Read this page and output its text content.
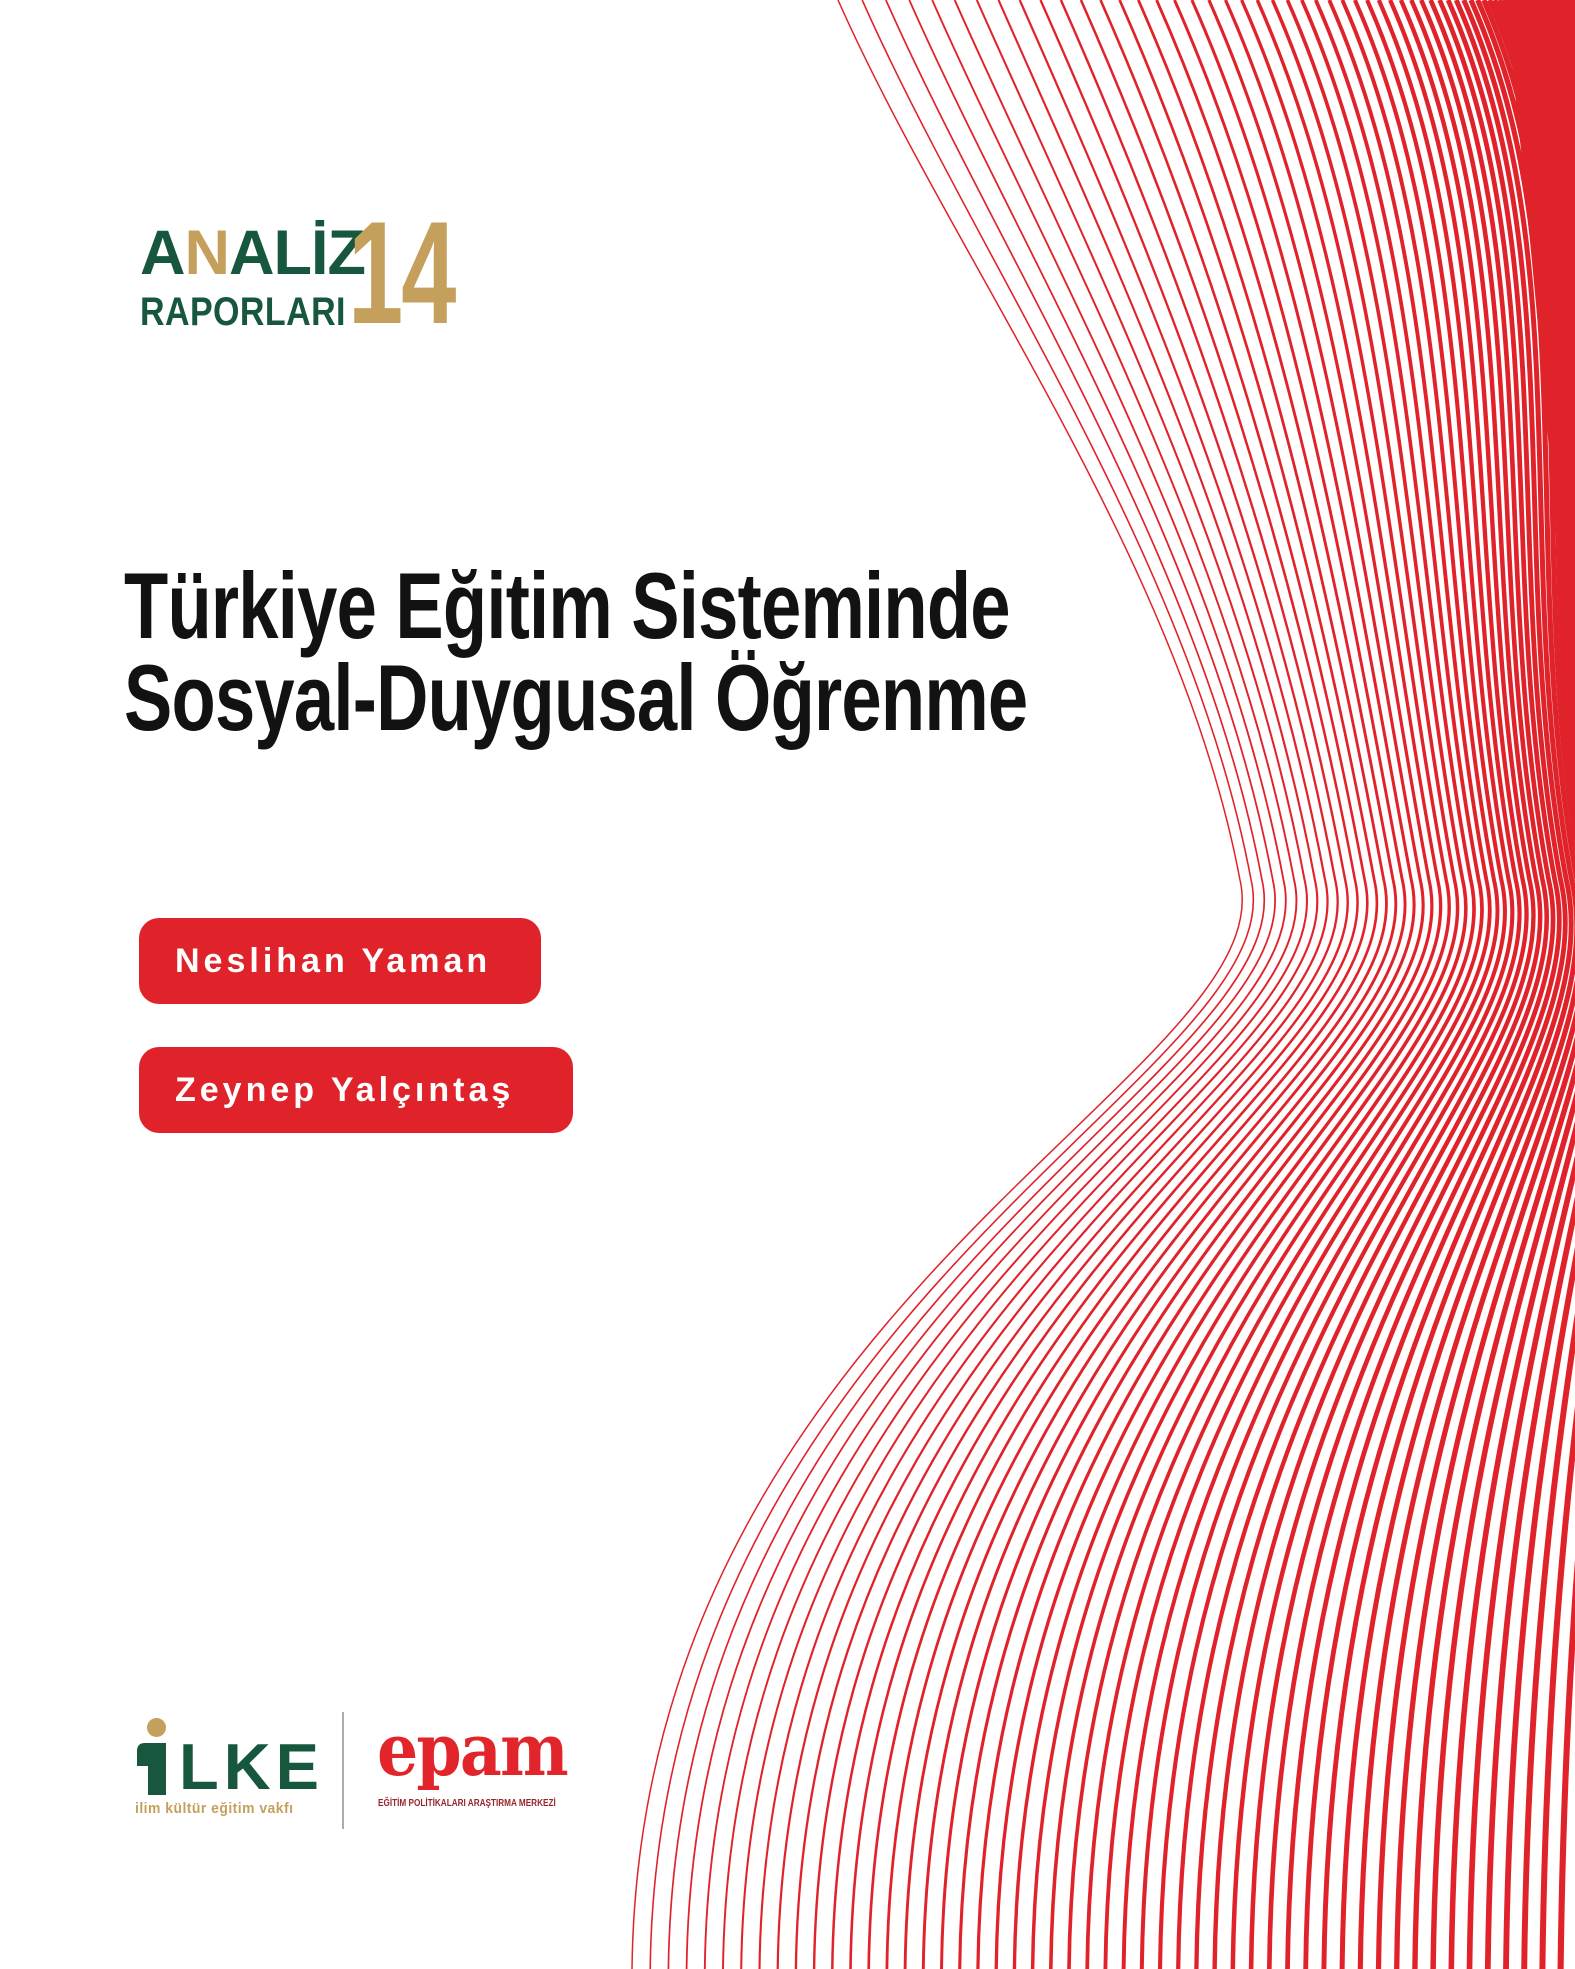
ANALİZ
RAPORLARI 14
Türkiye Eğitim Sisteminde
Sosyal-Duygusal Öğrenme
Neslihan Yaman
Zeynep Yalçıntaş
LKE
ilim kültür eğitim vakfı
epam
EĞİTİM POLİTİKALARI ARAŞTIRMA MERKEZİ
